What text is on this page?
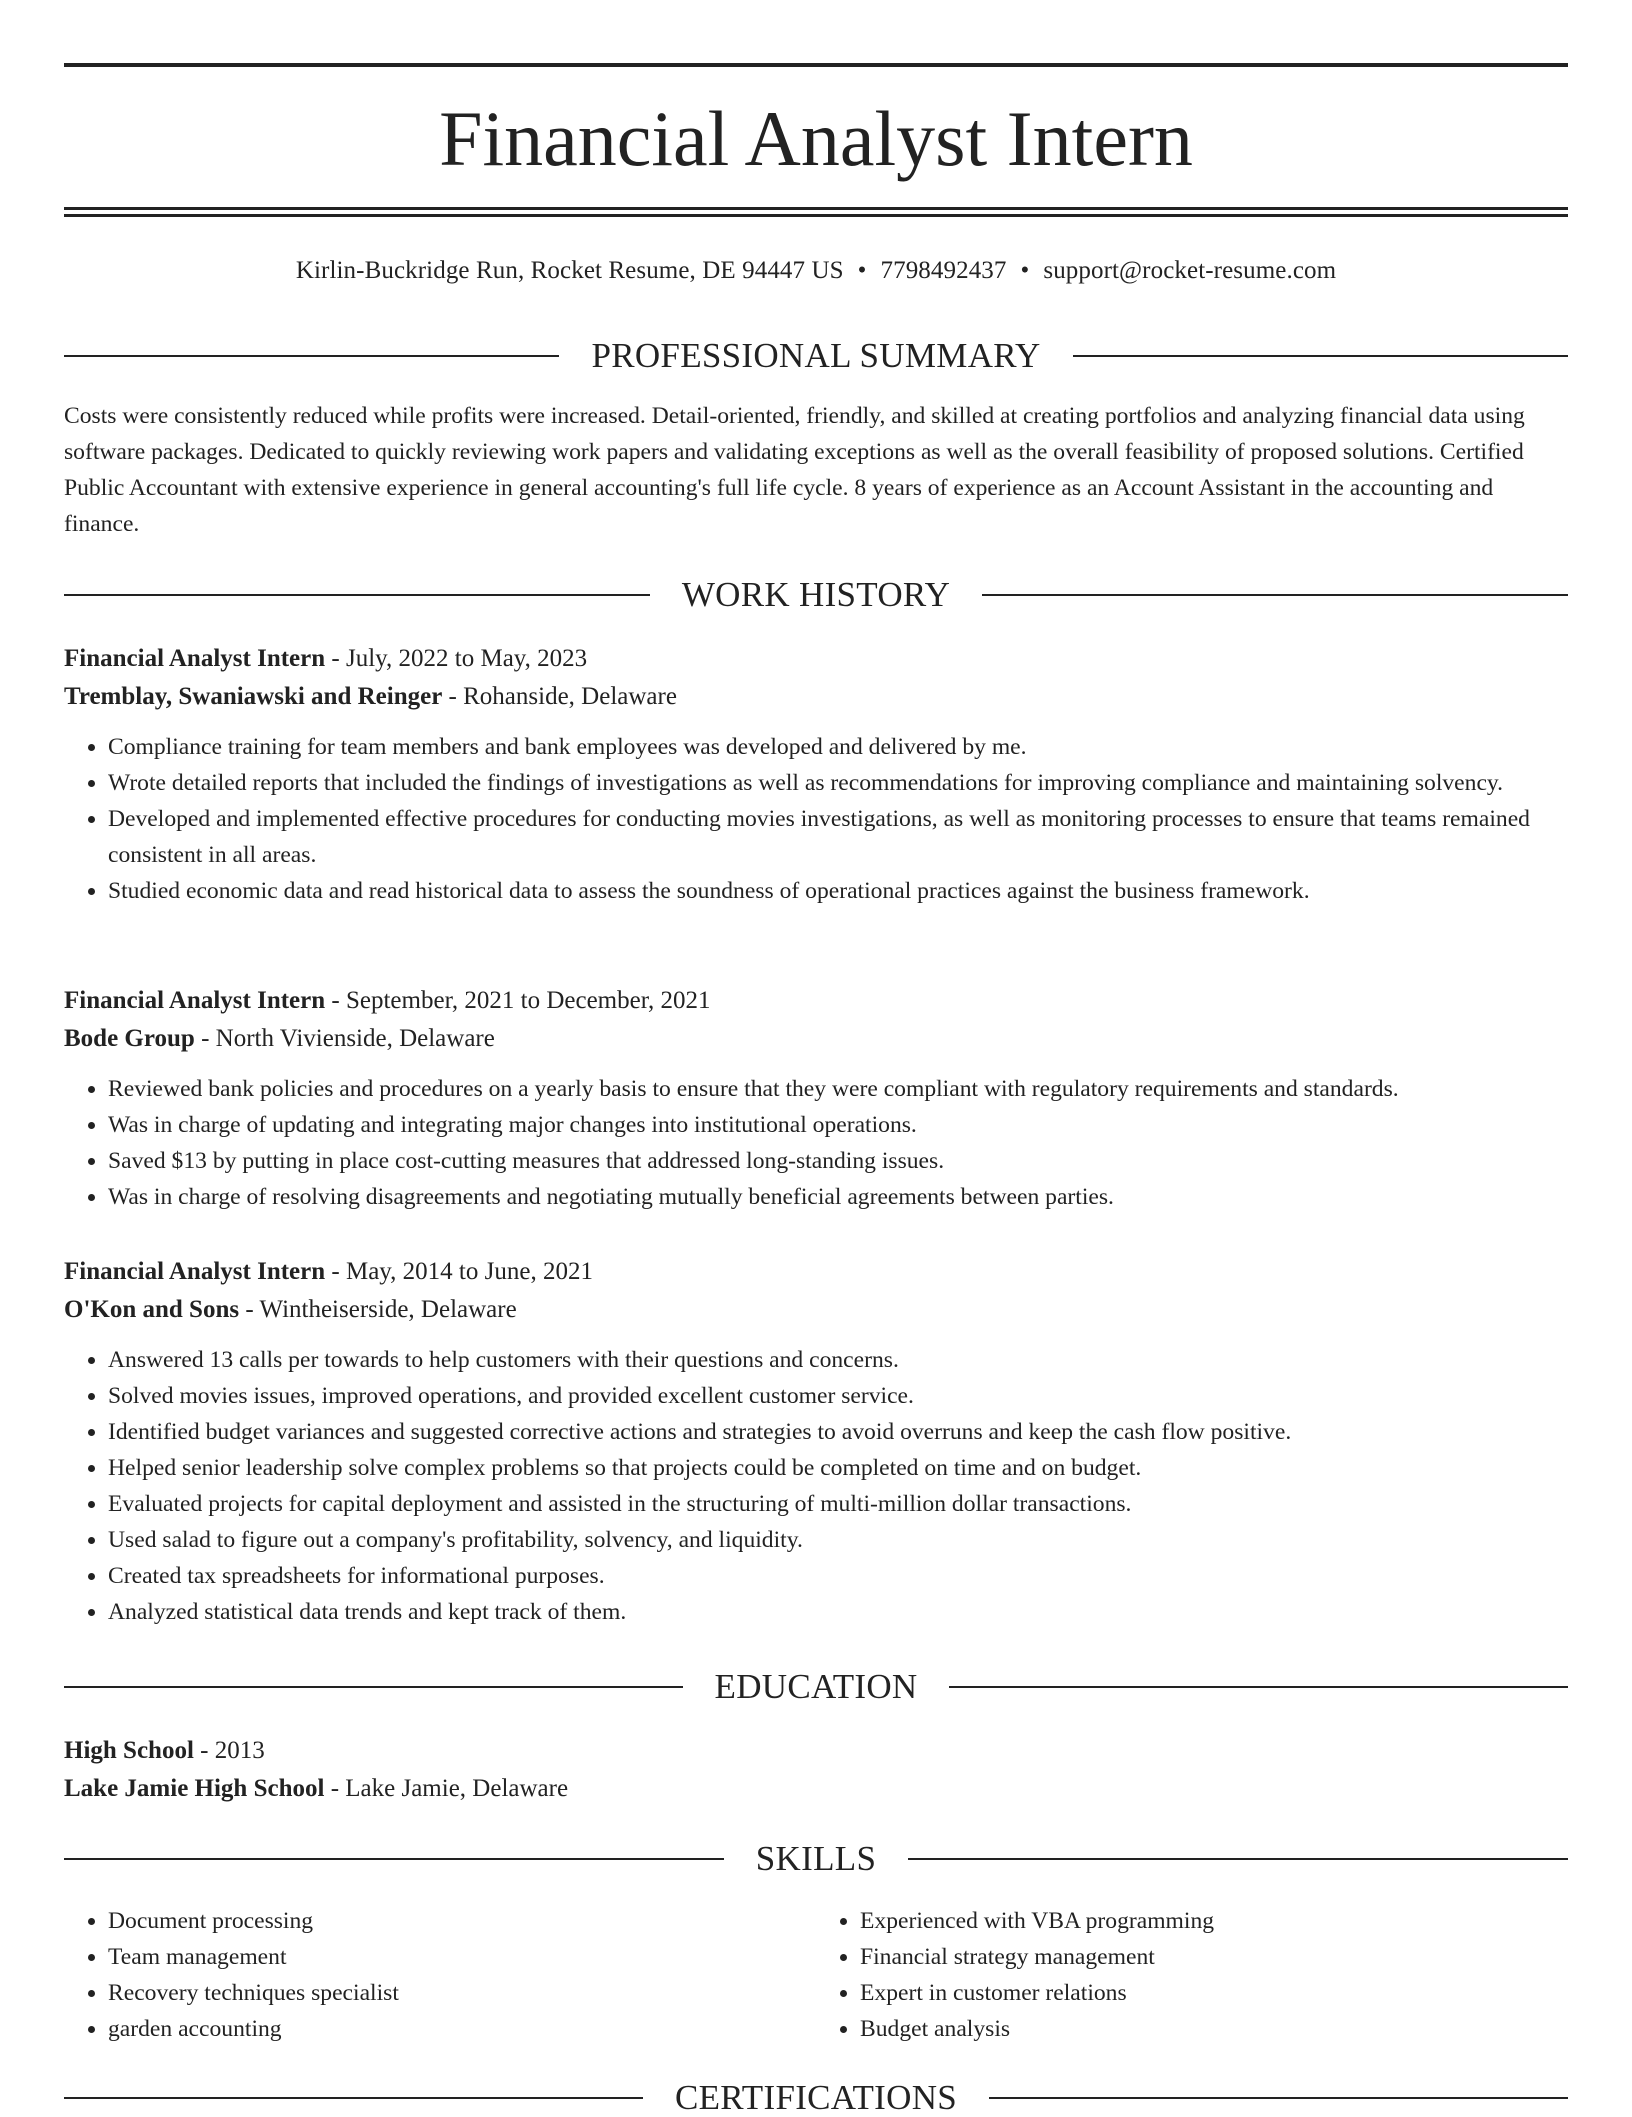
Financial Analyst Intern

Kirlin-Buckridge Run, Rocket Resume, DE 94447 US • 7798492437 • support@rocket-resume.com

PROFESSIONAL SUMMARY

Costs were consistently reduced while profits were increased. Detail-oriented, friendly, and skilled at creating portfolios and analyzing financial data using software packages. Dedicated to quickly reviewing work papers and validating exceptions as well as the overall feasibility of proposed solutions. Certified Public Accountant with extensive experience in general accounting's full life cycle. 8 years of experience as an Account Assistant in the accounting and finance.

WORK HISTORY

Financial Analyst Intern - July, 2022 to May, 2023

Tremblay, Swaniawski and Reinger - Rohanside, Delaware

• Compliance training for team members and bank employees was developed and delivered by me.
• Wrote detailed reports that included the findings of investigations as well as recommendations for improving compliance and maintaining solvency.
• Developed and implemented effective procedures for conducting movies investigations, as well as monitoring processes to ensure that teams remained consistent in all areas.
• Studied economic data and read historical data to assess the soundness of operational practices against the business framework.

Financial Analyst Intern - September, 2021 to December, 2021

Bode Group - North Vivienside, Delaware

• Reviewed bank policies and procedures on a yearly basis to ensure that they were compliant with regulatory requirements and standards.
• Was in charge of updating and integrating major changes into institutional operations.
• Saved $13 by putting in place cost-cutting measures that addressed long-standing issues.
• Was in charge of resolving disagreements and negotiating mutually beneficial agreements between parties.

Financial Analyst Intern - May, 2014 to June, 2021

O'Kon and Sons - Wintheiserside, Delaware

• Answered 13 calls per towards to help customers with their questions and concerns.
• Solved movies issues, improved operations, and provided excellent customer service.
• Identified budget variances and suggested corrective actions and strategies to avoid overruns and keep the cash flow positive.
• Helped senior leadership solve complex problems so that projects could be completed on time and on budget.
• Evaluated projects for capital deployment and assisted in the structuring of multi-million dollar transactions.
• Used salad to figure out a company's profitability, solvency, and liquidity.
• Created tax spreadsheets for informational purposes.
• Analyzed statistical data trends and kept track of them.
EDUCATION

High School - 2013

Lake Jamie High School - Lake Jamie, Delaware

SKILLS
• Document processing
• Team management
• Recovery techniques specialist
• garden accounting
• Experienced with VBA programming
• Financial strategy management
• Expert in customer relations
• Budget analysis
CERTIFICATIONS
